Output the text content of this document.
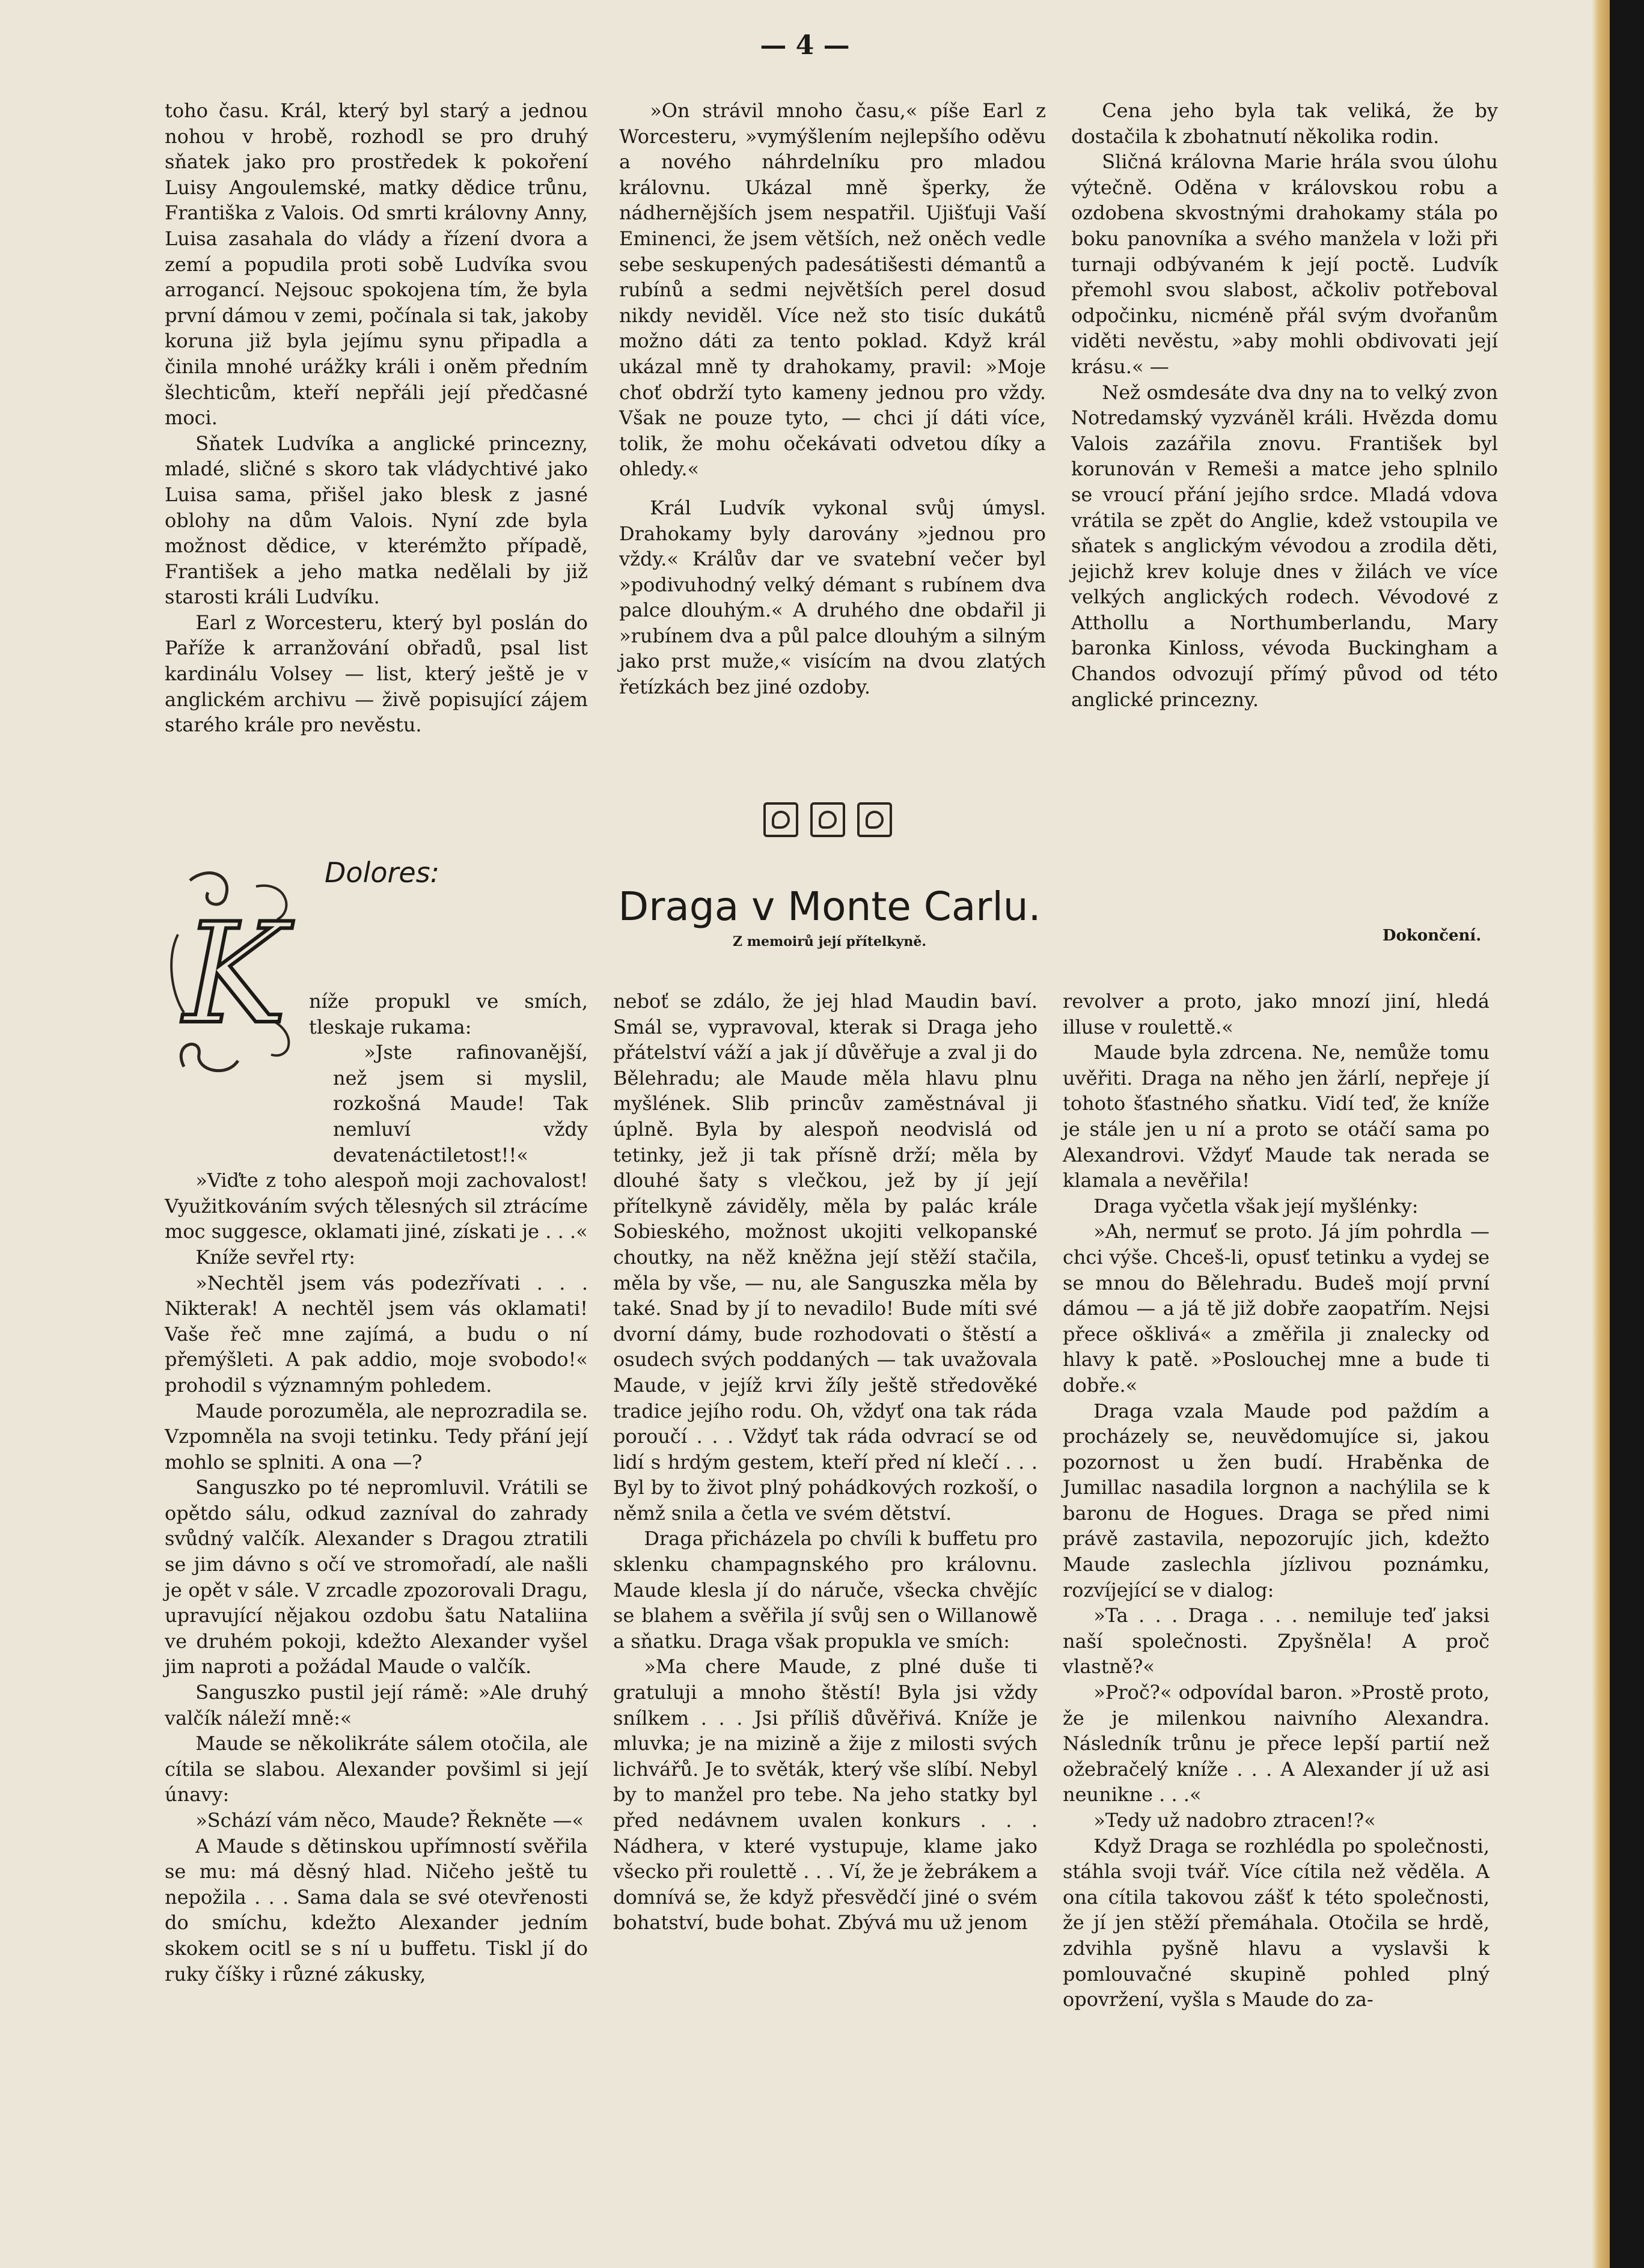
— 4 —

toho času. Král, který byl starý a jednou nohou v hrobě, rozhodl se pro druhý sňatek jako pro prostředek k pokoření Luisy Angoulemské, matky dědice trůnu, Františka z Valois. Od smrti královny Anny, Luisa zasahala do vlády a řízení dvora a zemí a popudila proti sobě Ludvíka svou arrogancí. Nejsouc spokojena tím, že byla první dámou v zemi, počínala si tak, jakoby koruna již byla jejímu synu připadla a činila mnohé urážky králi i oněm předním šlechticům, kteří nepřáli její předčasné moci.

Sňatek Ludvíka a anglické princezny, mladé, sličné s skoro tak vládychtivé jako Luisa sama, přišel jako blesk z jasné oblohy na dům Valois. Nyní zde byla možnost dědice, v kterémžto případě, František a jeho matka nedělali by již starosti králi Ludvíku.

Earl z Worcesteru, který byl poslán do Paříže k arranžování obřadů, psal list kardinálu Volsey — list, který ještě je v anglickém archivu — živě popisující zájem starého krále pro nevěstu.

»On strávil mnoho času,« píše Earl z Worcesteru, »vymýšlením nejlepšího oděvu a nového náhrdelníku pro mladou královnu. Ukázal mně šperky, že nádhernějších jsem nespatřil. Ujišťuji Vaší Eminenci, že jsem větších, než oněch vedle sebe seskupených padesátišesti démantů a rubínů a sedmi největších perel dosud nikdy neviděl. Více než sto tisíc dukátů možno dáti za tento poklad. Když král ukázal mně ty drahokamy, pravil: »Moje choť obdrží tyto kameny jednou pro vždy. Však ne pouze tyto, — chci jí dáti více, tolik, že mohu očekávati odvetou díky a ohledy.«

Král Ludvík vykonal svůj úmysl. Drahokamy byly darovány »jednou pro vždy.« Králův dar ve svatební večer byl »podivuhodný velký démant s rubínem dva palce dlouhým.« A druhého dne obdařil ji »rubínem dva a půl palce dlouhým a silným jako prst muže,« visícím na dvou zlatých řetízkách bez jiné ozdoby.

Cena jeho byla tak veliká, že by dostačila k zbohatnutí několika rodin.

Sličná královna Marie hrála svou úlohu výtečně. Oděna v královskou robu a ozdobena skvostnými drahokamy stála po boku panovníka a svého manžela v loži při turnaji odbývaném k její poctě. Ludvík přemohl svou slabost, ačkoliv potřeboval odpočinku, nicméně přál svým dvořanům viděti nevěstu, »aby mohli obdivovati její krásu.« —

Než osmdesáte dva dny na to velký zvon Notredamský vyzváněl králi. Hvězda domu Valois zazářila znovu. František byl korunován v Remeši a matce jeho splnilo se vroucí přání jejího srdce. Mladá vdova vrátila se zpět do Anglie, kdež vstoupila ve sňatek s anglickým vévodou a zrodila děti, jejichž krev koluje dnes v žilách ve více velkých anglických rodech. Vévodové z Atthollu a Northumberlandu, Mary baronka Kinloss, vévoda Buckingham a Chandos odvozují přímý původ od této anglické princezny.

Dolores:
Draga v Monte Carlu.
Z memoirů její přítelkyně.	Dokončení.
K	níže propukl ve smích, tleskaje rukama:

»Jste rafinovanější, než jsem si myslil, rozkošná Maude! Tak nemluví vždy devatenáctiletost!!«

»Viďte z toho alespoň moji zachovalost! Využitkováním svých tělesných sil ztrácíme moc suggesce, oklamati jiné, získati je . . .«

Kníže sevřel rty:

»Nechtěl jsem vás podezřívati . . . Nikterak! A nechtěl jsem vás oklamati! Vaše řeč mne zajímá, a budu o ní přemýšleti. A pak addio, moje svobodo!« prohodil s významným pohledem.

Maude porozuměla, ale neprozradila se. Vzpomněla na svoji tetinku. Tedy přání její mohlo se splniti. A ona —?

Sanguszko po té nepromluvil. Vrátili se opětdo sálu, odkud zazníval do zahrady svůdný valčík. Alexander s Dragou ztratili se jim dávno s očí ve stromořadí, ale našli je opět v sále. V zrcadle zpozorovali Dragu, upravující nějakou ozdobu šatu Nataliina ve druhém pokoji, kdežto Alexander vyšel jim naproti a požádal Maude o valčík.

Sanguszko pustil její rámě: »Ale druhý valčík náleží mně:«

Maude se několikráte sálem otočila, ale cítila se slabou. Alexander povšiml si její únavy:

»Schází vám něco, Maude? Řekněte —«

A Maude s dětinskou upřímností svěřila se mu: má děsný hlad. Ničeho ještě tu nepožila . . . Sama dala se své otevřenosti do smíchu, kdežto Alexander jedním skokem ocitl se s ní u buffetu. Tiskl jí do ruky číšky i různé zákusky,

neboť se zdálo, že jej hlad Maudin baví. Smál se, vypravoval, kterak si Draga jeho přátelství váží a jak jí důvěřuje a zval ji do Bělehradu; ale Maude měla hlavu plnu myšlének. Slib princův zaměstnával ji úplně. Byla by alespoň neodvislá od tetinky, jež ji tak přísně drží; měla by dlouhé šaty s vlečkou, jež by jí její přítelkyně záviděly, měla by palác krále Sobieského, možnost ukojiti velkopanské choutky, na něž kněžna její stěží stačila, měla by vše, — nu, ale Sanguszka měla by také. Snad by jí to nevadilo! Bude míti své dvorní dámy, bude rozhodovati o štěstí a osudech svých poddaných — tak uvažovala Maude, v jejíž krvi žíly ještě středověké tradice jejího rodu. Oh, vždyť ona tak ráda poroučí . . . Vždyť tak ráda odvrací se od lidí s hrdým gestem, kteří před ní klečí . . . Byl by to život plný pohádkových rozkoší, o němž snila a četla ve svém dětství.

Draga přicházela po chvíli k buffetu pro sklenku champagnského pro královnu. Maude klesla jí do náruče, všecka chvějíc se blahem a svěřila jí svůj sen o Willanowě a sňatku. Draga však propukla ve smích:

»Ma chere Maude, z plné duše ti gratuluji a mnoho štěstí! Byla jsi vždy snílkem . . . Jsi příliš důvěřivá. Kníže je mluvka; je na mizině a žije z milosti svých lichvářů. Je to světák, který vše slíbí. Nebyl by to manžel pro tebe. Na jeho statky byl před nedávnem uvalen konkurs . . . Nádhera, v které vystupuje, klame jako všecko při roulettě . . . Ví, že je žebrákem a domnívá se, že když přesvědčí jiné o svém bohatství, bude bohat. Zbývá mu už jenom

revolver a proto, jako mnozí jiní, hledá illuse v roulettě.«

Maude byla zdrcena. Ne, nemůže tomu uvěřiti. Draga na něho jen žárlí, nepřeje jí tohoto šťastného sňatku. Vidí teď, že kníže je stále jen u ní a proto se otáčí sama po Alexandrovi. Vždyť Maude tak nerada se klamala a nevěřila!

Draga vyčetla však její myšlénky:

»Ah, nermuť se proto. Já jím pohrdla — chci výše. Chceš-li, opusť tetinku a vydej se se mnou do Bělehradu. Budeš mojí první dámou — a já tě již dobře zaopatřím. Nejsi přece ošklivá« a změřila ji znalecky od hlavy k patě. »Poslouchej mne a bude ti dobře.«

Draga vzala Maude pod paždím a procházely se, neuvědomujíce si, jakou pozornost u žen budí. Hraběnka de Jumillac nasadila lorgnon a nachýlila se k baronu de Hogues. Draga se před nimi právě zastavila, nepozorujíc jich, kdežto Maude zaslechla jízlivou poznámku, rozvíjející se v dialog:

»Ta . . . Draga . . . nemiluje teď jaksi naší společnosti. Zpyšněla! A proč vlastně?«

»Proč?« odpovídal baron. »Prostě proto, že je milenkou naivního Alexandra. Následník trůnu je přece lepší partií než ožebračelý kníže . . . A Alexander jí už asi neunikne . . .«

»Tedy už nadobro ztracen!?«

Když Draga se rozhlédla po společnosti, stáhla svoji tvář. Více cítila než věděla. A ona cítila takovou zášť k této společnosti, že jí jen stěží přemáhala. Otočila se hrdě, zdvihla pyšně hlavu a vyslavši k pomlouvačné skupině pohled plný opovržení, vyšla s Maude do za-
